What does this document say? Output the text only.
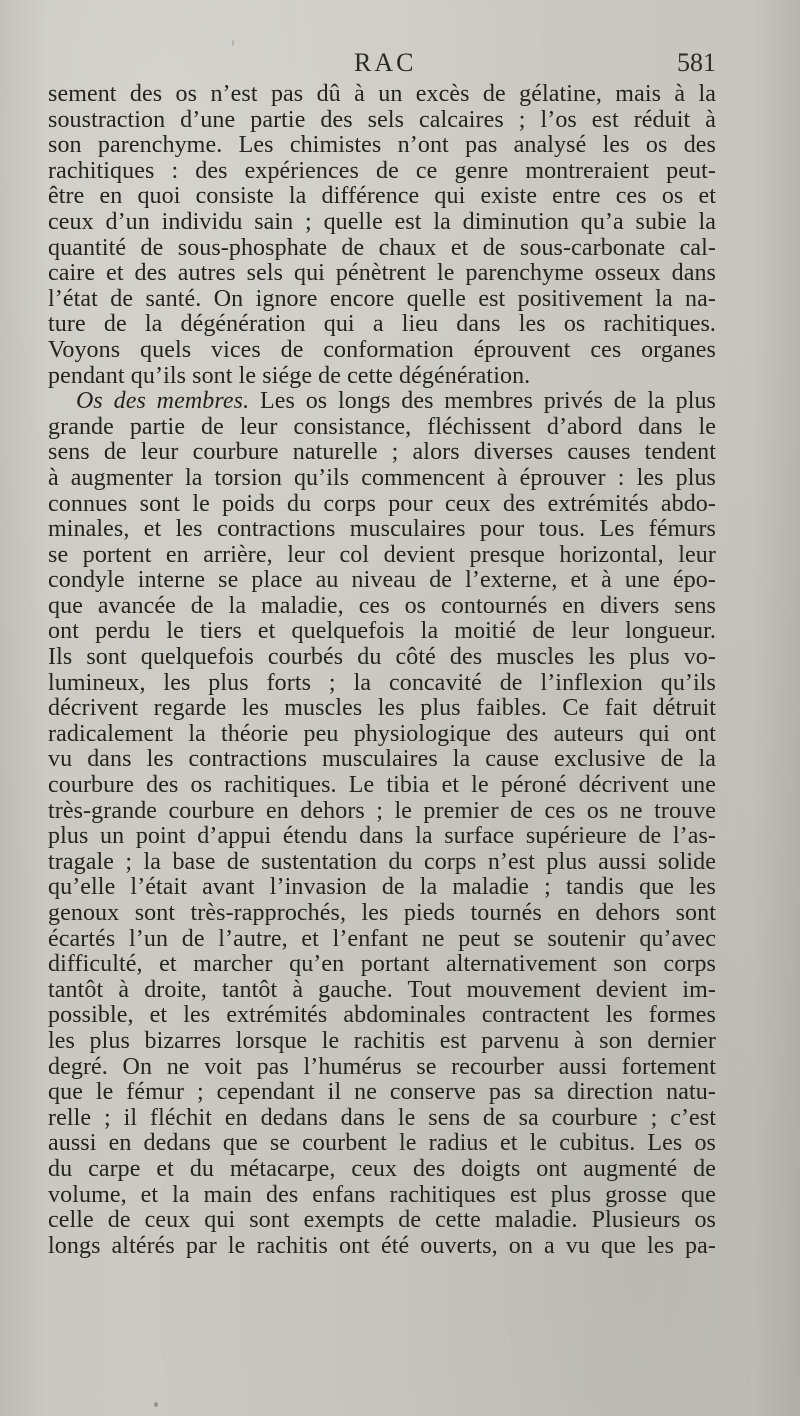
RAC	581
sement des os n’est pas dû à un excès de gélatine, mais à la
soustraction d’une partie des sels calcaires ; l’os est réduit à
son parenchyme. Les chimistes n’ont pas analysé les os des
rachitiques : des expériences de ce genre montreraient peut-
être en quoi consiste la différence qui existe entre ces os et
ceux d’un individu sain ; quelle est la diminution qu’a subie la
quantité de sous-phosphate de chaux et de sous-carbonate cal-
caire et des autres sels qui pénètrent le parenchyme osseux dans
l’état de santé. On ignore encore quelle est positivement la na-
ture de la dégénération qui a lieu dans les os rachitiques.
Voyons quels vices de conformation éprouvent ces organes
pendant qu’ils sont le siége de cette dégénération.
Os des membres. Les os longs des membres privés de la plus
grande partie de leur consistance, fléchissent d’abord dans le
sens de leur courbure naturelle ; alors diverses causes tendent
à augmenter la torsion qu’ils commencent à éprouver : les plus
connues sont le poids du corps pour ceux des extrémités abdo-
minales, et les contractions musculaires pour tous. Les fémurs
se portent en arrière, leur col devient presque horizontal, leur
condyle interne se place au niveau de l’externe, et à une épo-
que avancée de la maladie, ces os contournés en divers sens
ont perdu le tiers et quelquefois la moitié de leur longueur.
Ils sont quelquefois courbés du côté des muscles les plus vo-
lumineux, les plus forts ; la concavité de l’inflexion qu’ils
décrivent regarde les muscles les plus faibles. Ce fait détruit
radicalement la théorie peu physiologique des auteurs qui ont
vu dans les contractions musculaires la cause exclusive de la
courbure des os rachitiques. Le tibia et le péroné décrivent une
très-grande courbure en dehors ; le premier de ces os ne trouve
plus un point d’appui étendu dans la surface supérieure de l’as-
tragale ; la base de sustentation du corps n’est plus aussi solide
qu’elle l’était avant l’invasion de la maladie ; tandis que les
genoux sont très-rapprochés, les pieds tournés en dehors sont
écartés l’un de l’autre, et l’enfant ne peut se soutenir qu’avec
difficulté, et marcher qu’en portant alternativement son corps
tantôt à droite, tantôt à gauche. Tout mouvement devient im-
possible, et les extrémités abdominales contractent les formes
les plus bizarres lorsque le rachitis est parvenu à son dernier
degré. On ne voit pas l’humérus se recourber aussi fortement
que le fémur ; cependant il ne conserve pas sa direction natu-
relle ; il fléchit en dedans dans le sens de sa courbure ; c’est
aussi en dedans que se courbent le radius et le cubitus. Les os
du carpe et du métacarpe, ceux des doigts ont augmenté de
volume, et la main des enfans rachitiques est plus grosse que
celle de ceux qui sont exempts de cette maladie. Plusieurs os
longs altérés par le rachitis ont été ouverts, on a vu que les pa-
